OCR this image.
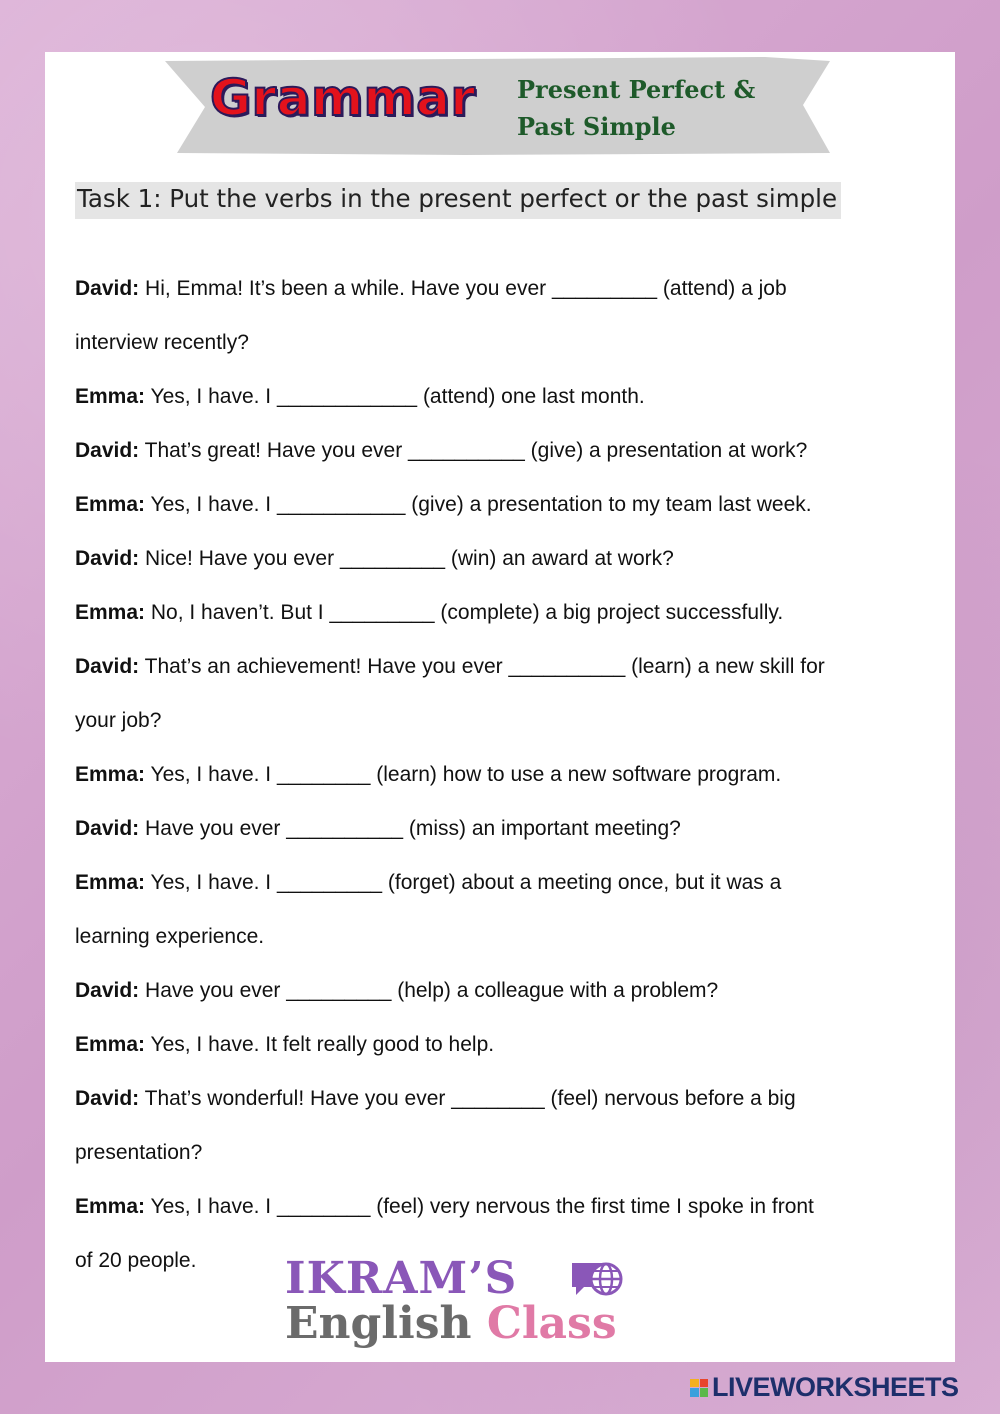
Grammar Present Perfect &
Past Simple
Task 1: Put the verbs in the present perfect or the past simple

David: Hi, Emma! It’s been a while. Have you ever _________ (attend) a job

interview recently?

Emma: Yes, I have. I ____________ (attend) one last month.

David: That’s great! Have you ever __________ (give) a presentation at work?

Emma: Yes, I have. I ___________ (give) a presentation to my team last week.

David: Nice! Have you ever _________ (win) an award at work?

Emma: No, I haven’t. But I _________ (complete) a big project successfully.

David: That’s an achievement! Have you ever __________ (learn) a new skill for

your job?

Emma: Yes, I have. I ________ (learn) how to use a new software program.

David: Have you ever __________ (miss) an important meeting?

Emma: Yes, I have. I _________ (forget) about a meeting once, but it was a

learning experience.

David: Have you ever _________ (help) a colleague with a problem?

Emma: Yes, I have. It felt really good to help.

David: That’s wonderful! Have you ever ________ (feel) nervous before a big

presentation?

Emma: Yes, I have. I ________ (feel) very nervous the first time I spoke in front

of 20 people.	IKRAM’S
English Class
LIVEWORKSHEETS
